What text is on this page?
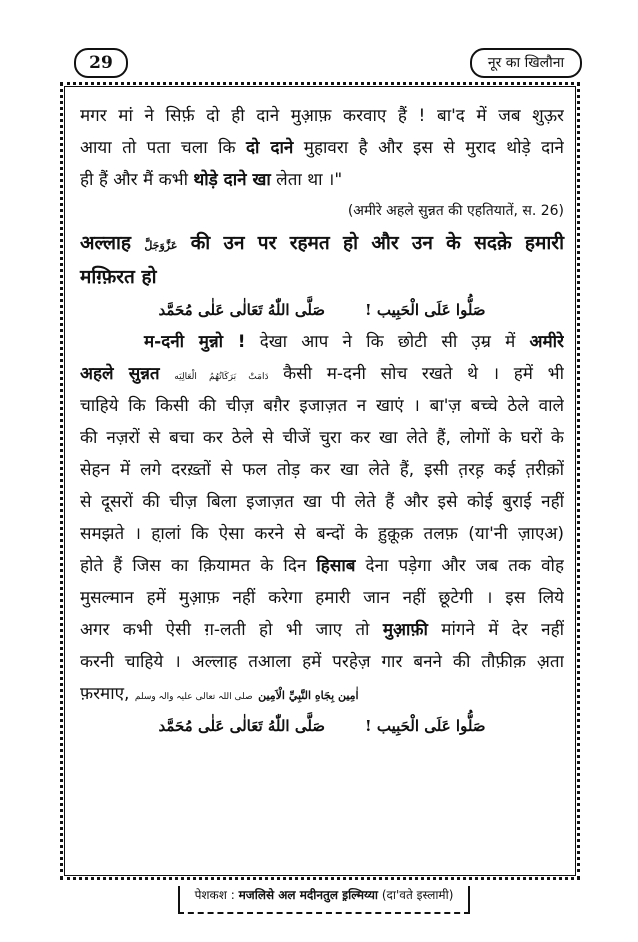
29	नूर का खिलौना
मगर मां ने सिर्फ़ दो ही दाने मुआ़फ़ करवाए हैं ! बा'द में जब शुऊ़र
आया तो पता चला कि दो दाने मुहावरा है और इस से मुराद थोड़े दाने
ही हैं और मैं कभी थोड़े दाने खा लेता था ।"
(अमीरे अहले सुन्नत की एहतियातें, स. 26)
अल्लाह عَزَّوَجَلَّ की उन पर रहमत हो और उन के सदक़े हमारी
मग़्फ़िरत हो
صَلُّوا عَلَى الْحَبِيب !صَلَّى اللّٰهُ تَعَالٰى عَلٰى مُحَمَّد
म-दनी मुन्नो ! देखा आप ने कि छोटी सी उ़म्र में अमीरे
अहले सुन्नत دَامَتْ بَرَكَاتُهُمُ الْعَالِيَه कैसी म-दनी सोच रखते थे । हमें भी
चाहिये कि किसी की चीज़ बग़ैर इजाज़त न खाएं । बा'ज़ बच्चे ठेले वाले
की नज़रों से बचा कर ठेले से चीजें चुरा कर खा लेते हैं, लोगों के घरों के
सेहन में लगे दरख़्तों से फल तोड़ कर खा लेते हैं, इसी त़रह़ कई त़रीक़ों
से दूसरों की चीज़ बिला इजाज़त खा पी लेते हैं और इसे कोई बुराई नहीं
समझते । हा़लां कि ऐसा करने से बन्दों के ह़ुक़ूक़ तलफ़ (या'नी ज़ाएअ)
होते हैं जिस का क़ियामत के दिन हिसाब देना पड़ेगा और जब तक वोह
मुसल्मान हमें मुआ़फ़ नहीं करेगा हमारी जान नहीं छूटेगी । इस लिये
अगर कभी ऐसी ग़-लती हो भी जाए तो मुआ़फ़ी मांगने में देर नहीं
करनी चाहिये । अल्लाह तआला हमें परहेज़ गार बनने की तौफ़ीक़ अ़ता
फ़रमाए,	اٰمِين بِجَاهِ النَّبِيِّ الْاَمِين صلی اللہ تعالی علیہ والہ وسلم
صَلُّوا عَلَى الْحَبِيب !صَلَّى اللّٰهُ تَعَالٰى عَلٰى مُحَمَّد
पेशकश : मजलिसे अल मदीनतुल इ़ल्मिय्या (दा'वते इस्लामी)
